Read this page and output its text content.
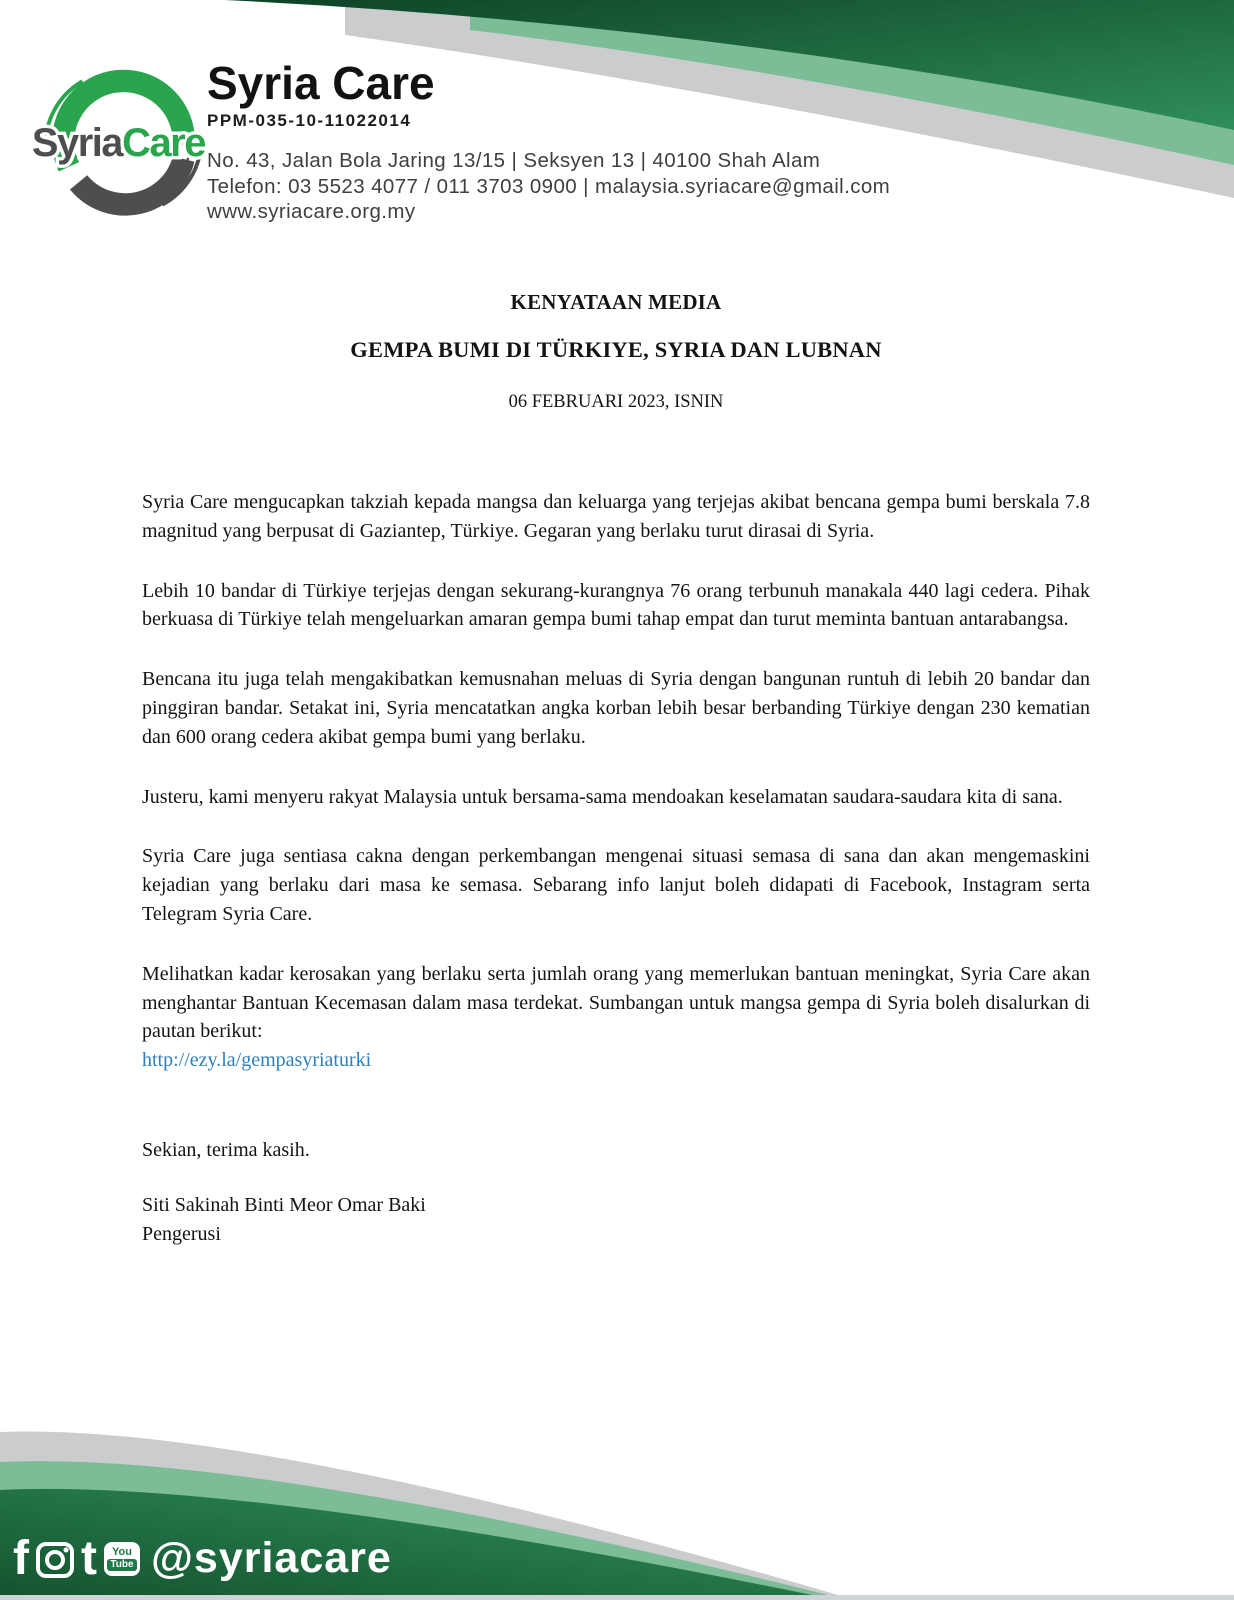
SyriaCare
Syria Care
PPM-035-10-11022014
No. 43, Jalan Bola Jaring 13/15 | Seksyen 13 | 40100 Shah Alam
Telefon: 03 5523 4077 / 011 3703 0900 | malaysia.syriacare@gmail.com
www.syriacare.org.my
KENYATAAN MEDIA
GEMPA BUMI DI TÜRKIYE, SYRIA DAN LUBNAN
06 FEBRUARI 2023, ISNIN

Syria Care mengucapkan takziah kepada mangsa dan keluarga yang terjejas akibat bencana gempa bumi berskala 7.8 magnitud yang berpusat di Gaziantep, Türkiye. Gegaran yang berlaku turut dirasai di Syria.

Lebih 10 bandar di Türkiye terjejas dengan sekurang-kurangnya 76 orang terbunuh manakala 440 lagi cedera. Pihak berkuasa di Türkiye telah mengeluarkan amaran gempa bumi tahap empat dan turut meminta bantuan antarabangsa.

Bencana itu juga telah mengakibatkan kemusnahan meluas di Syria dengan bangunan runtuh di lebih 20 bandar dan pinggiran bandar. Setakat ini, Syria mencatatkan angka korban lebih besar berbanding Türkiye dengan 230 kematian dan 600 orang cedera akibat gempa bumi yang berlaku.

Justeru, kami menyeru rakyat Malaysia untuk bersama-sama mendoakan keselamatan saudara-saudara kita di sana.

Syria Care juga sentiasa cakna dengan perkembangan mengenai situasi semasa di sana dan akan mengemaskini kejadian yang berlaku dari masa ke semasa. Sebarang info lanjut boleh didapati di Facebook, Instagram serta Telegram Syria Care.

Melihatkan kadar kerosakan yang berlaku serta jumlah orang yang memerlukan bantuan meningkat, Syria Care akan menghantar Bantuan Kecemasan dalam masa terdekat. Sumbangan untuk mangsa gempa di Syria boleh disalurkan di pautan berikut:
http://ezy.la/gempasyriaturki

Sekian, terima kasih.
Siti Sakinah Binti Meor Omar Baki
Pengerusi
f t You
Tube @syriacare
